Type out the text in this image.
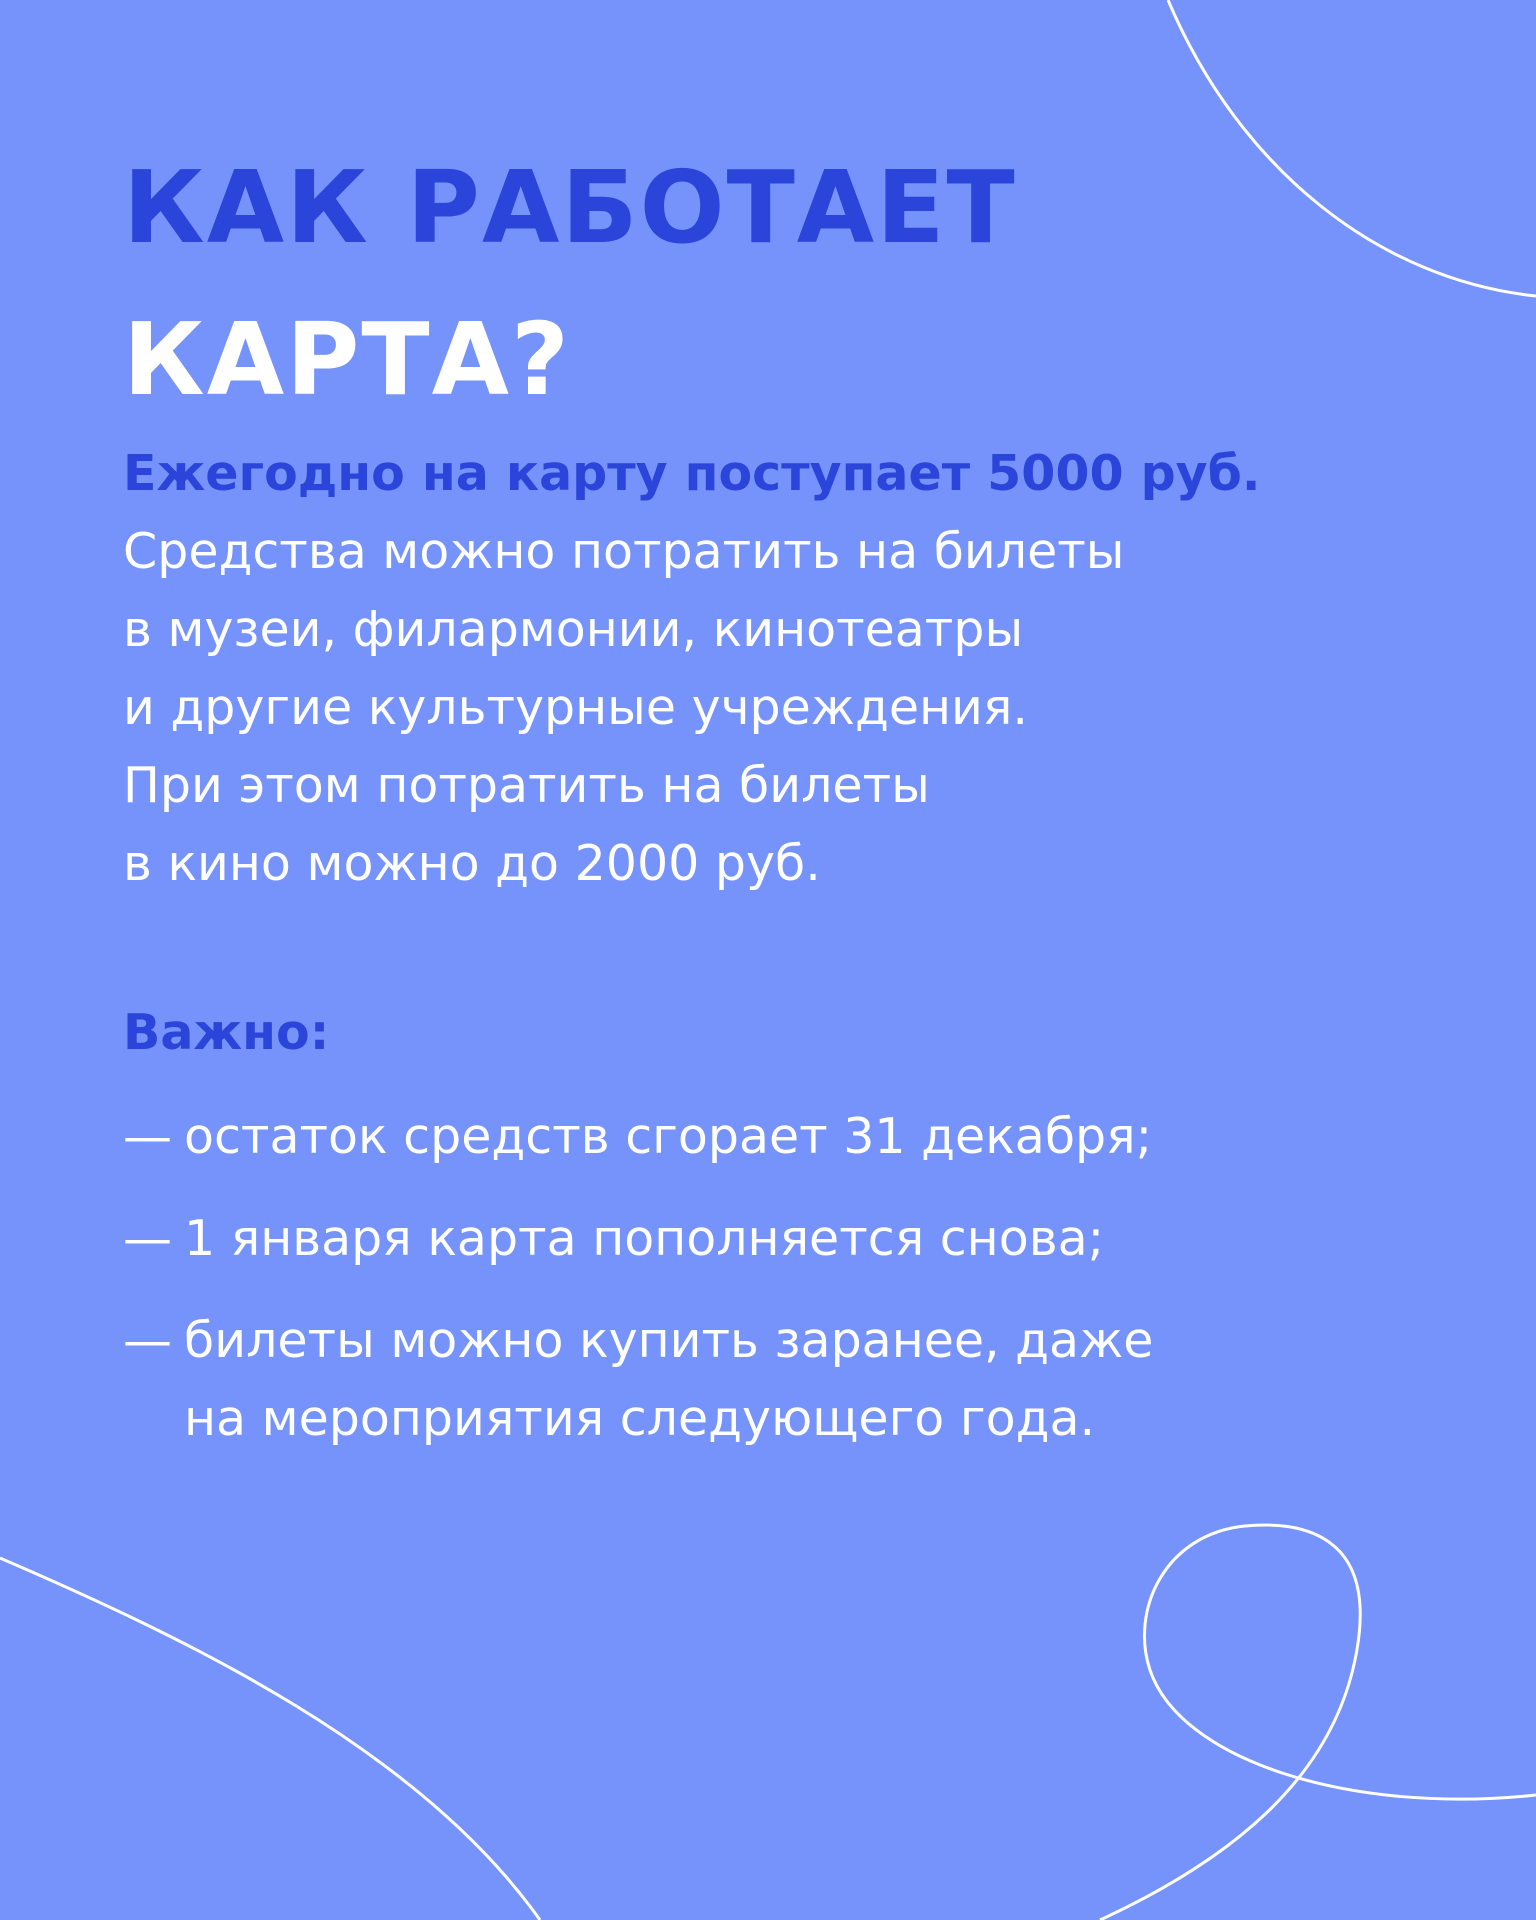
КАК РАБОТАЕТ
КАРТА?
Ежегодно на карту поступает 5000 руб.
Средства можно потратить на билеты
в музеи, филармонии, кинотеатры
и другие культурные учреждения.
При этом потратить на билеты
в кино можно до 2000 руб.
Важно:
— остаток средств сгорает 31 декабря;
— 1 января карта пополняется снова;
— билеты можно купить заранее, даже
на мероприятия следующего года.
